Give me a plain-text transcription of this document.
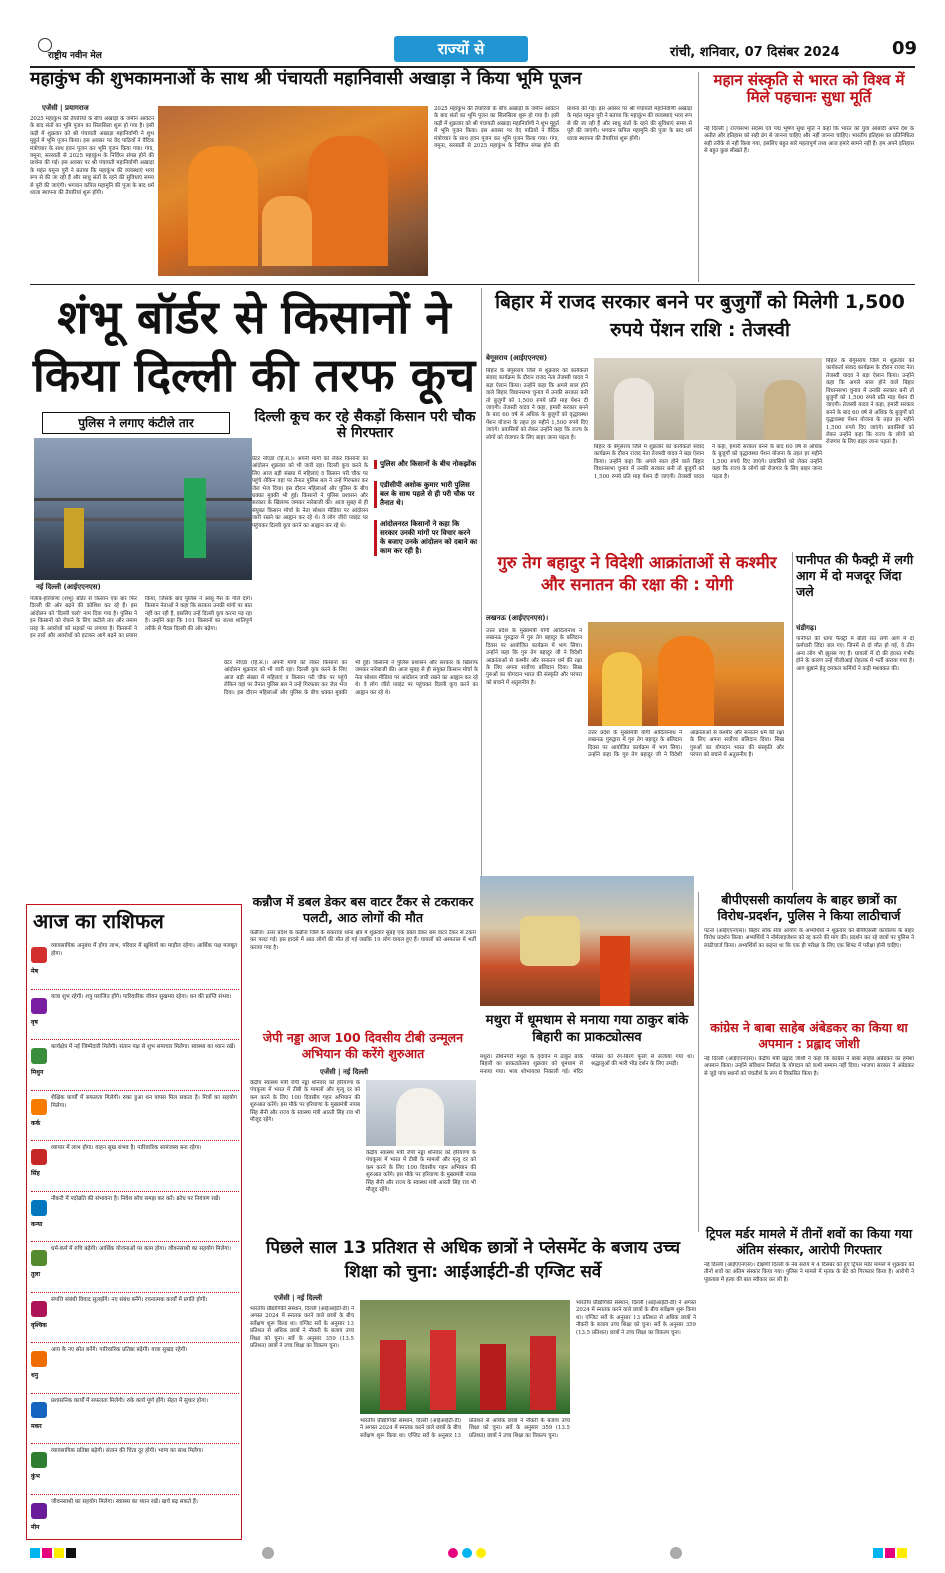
राष्ट्रीय नवीन मेल	राज्यों से	रांची, शनिवार, 07 दिसंबर 2024	09
महाकुंभ की शुभकामनाओं के साथ श्री पंचायती महानिवासी अखाड़ा ने किया भूमि पूजन
एजेंसी | प्रयागराज
2025 महाकुंभ की तैयारियों के बीच अखाड़ों के जमीन आवंटन के बाद संतों का भूमि पूजन का सिलसिला शुरू हो गया है। इसी कड़ी में शुक्रवार को श्री पंचायती अखाड़ा महानिर्वाणी ने शुभ मुहूर्त में भूमि पूजन किया। इस अवसर पर वेद पाठियों ने वैदिक मंत्रोच्चार के साथ हवन पूजन कर भूमि पूजन किया गया। गंगा, यमुना, सरस्वती से 2025 महाकुंभ के निर्विघ्न संपन्न होने की प्रार्थना की गई। इस अवसर पर श्री पंचायती महानिर्वाणी अखाड़ा के महंत यमुना पुरी ने बताया कि महाकुंभ की व्यवस्थाएं भव्य रूप से की जा रही हैं और साधु संतों के रहने की सुविधाएं समय से पूरी की जाएंगी। भगवान कपिल महामुनि की पूजा के बाद धर्म ध्वजा स्थापना की तैयारियां शुरू होंगी।
2025 महाकुंभ की तैयारियों के बीच अखाड़ों के जमीन आवंटन के बाद संतों का भूमि पूजन का सिलसिला शुरू हो गया है। इसी कड़ी में शुक्रवार को श्री पंचायती अखाड़ा महानिर्वाणी ने शुभ मुहूर्त में भूमि पूजन किया। इस अवसर पर वेद पाठियों ने वैदिक मंत्रोच्चार के साथ हवन पूजन कर भूमि पूजन किया गया। गंगा, यमुना, सरस्वती से 2025 महाकुंभ के निर्विघ्न संपन्न होने की प्रार्थना की गई। इस अवसर पर श्री पंचायती महानिर्वाणी अखाड़ा के महंत यमुना पुरी ने बताया कि महाकुंभ की व्यवस्थाएं भव्य रूप से की जा रही हैं और साधु संतों के रहने की सुविधाएं समय से पूरी की जाएंगी। भगवान कपिल महामुनि की पूजा के बाद धर्म ध्वजा स्थापना की तैयारियां शुरू होंगी।
महान संस्कृति से भारत को विश्व में मिले पहचानः सुधा मूर्ति
नई दिल्ली | राज्यसभा सदस्य एवं पद्म भूषण सुधा मूर्ति ने कहा कि भारत को युवा आबादी अपने देश के अतीत और इतिहास को सही ढंग से जानना चाहिए और नहीं जानना चाहिए। भारतीय इतिहास का प्रतिनिधित्व सही तरीके से नहीं किया गया, इसलिए बहुत सारे महत्वपूर्ण तथ्य आज हमारे सामने नहीं हैं। हम अपने इतिहास से बहुत कुछ सीखते हैं।
शंभू बॉर्डर से किसानों ने किया दिल्ली की तरफ कूच
पुलिस ने लगाए कंटीले तार
नई दिल्ली (आईएएनएस)
पंजाब-हरियाणा (शंभू) बॉर्डर से किसान एक बार फिर दिल्ली की ओर बढ़ने की कोशिश कर रहे हैं। इस आंदोलन को 'दिल्ली चलो' नाम दिया गया है। पुलिस ने इन किसानों को रोकने के लिए कटीले तार और तमाम तरह के अवरोधों को सड़कों पर लगाया है। किसानों ने इन तारों और अवरोधों को हटाकर आगे बढ़ने का प्रयास किया, जिसके बाद पुलिस ने आंसू गैस के गोले दागे। किसान नेताओं ने कहा कि सरकार उनकी मांगों पर बात नहीं कर रही है, इसलिए उन्हें दिल्ली कूच करना पड़ रहा है। उन्होंने कहा कि 101 किसानों का जत्था शांतिपूर्ण तरीके से पैदल दिल्ली की ओर बढ़ेगा।
दिल्ली कूच कर रहे सैकड़ों किसान परी चौक से गिरफ्तार
ग्रेटर नोएडा (हि.स.)। अपनी मांगों को लेकर किसानों का आंदोलन शुक्रवार को भी जारी रहा। दिल्ली कूच करने के लिए आज बड़ी संख्या में महिलाएं व किसान परी चौक पर पहुंचे लेकिन वहां पर तैनात पुलिस बल ने उन्हें गिरफ्तार कर जेल भेज दिया। इस दौरान महिलाओं और पुलिस के बीच धक्का मुक्की भी हुई। किसानों ने पुलिस प्रशासन और सरकार के खिलाफ जमकर नारेबाजी की। आज सुबह से ही संयुक्त किसान मोर्चा के नेता सोशल मीडिया पर आंदोलन जारी रखने का आह्वान कर रहे थे। वे लोग जीरो प्वाइंट पर पहुंचकर दिल्ली कूच करने का आह्वान कर रहे थे।
पुलिस और किसानों के बीच नोकझोंक
एडीसीपी अशोक कुमार भारी पुलिस बल के साथ पहले से ही परी चौक पर तैनात थे।
आंदोलनरत किसानों ने कहा कि सरकार उनकी मांगों पर विचार करने के बजाए उनके आंदोलन को दबाने का काम कर रही है।
ग्रेटर नोएडा (हि.स.)। अपनी मांगों को लेकर किसानों का आंदोलन शुक्रवार को भी जारी रहा। दिल्ली कूच करने के लिए आज बड़ी संख्या में महिलाएं व किसान परी चौक पर पहुंचे लेकिन वहां पर तैनात पुलिस बल ने उन्हें गिरफ्तार कर जेल भेज दिया। इस दौरान महिलाओं और पुलिस के बीच धक्का मुक्की भी हुई। किसानों ने पुलिस प्रशासन और सरकार के खिलाफ जमकर नारेबाजी की। आज सुबह से ही संयुक्त किसान मोर्चा के नेता सोशल मीडिया पर आंदोलन जारी रखने का आह्वान कर रहे थे। वे लोग जीरो प्वाइंट पर पहुंचकर दिल्ली कूच करने का आह्वान कर रहे थे।
बिहार में राजद सरकार बनने पर बुजुर्गों को मिलेगी 1,500 रुपये पेंशन राशि : तेजस्वी
बेगूसराय (आईएएनएस)
बिहार के बेगूसराय जिले में शुक्रवार को कार्यकर्ता संवाद कार्यक्रम के दौरान राजद नेता तेजस्वी यादव ने बड़ा ऐलान किया। उन्होंने कहा कि अगले साल होने वाले बिहार विधानसभा चुनाव में उनकी सरकार बनी तो बुजुर्गों को 1,500 रुपये प्रति माह पेंशन दी जाएगी। तेजस्वी यादव ने कहा, हमारी सरकार बनने के बाद 60 वर्ष से अधिक के बुजुर्गों को वृद्धावस्था पेंशन योजना के तहत हर महीने 1,500 रुपये दिए जाएंगे। प्रवासियों को लेकर उन्होंने कहा कि राज्य के लोगों को रोजगार के लिए बाहर जाना पड़ता है।
बिहार के बेगूसराय जिले में शुक्रवार को कार्यकर्ता संवाद कार्यक्रम के दौरान राजद नेता तेजस्वी यादव ने बड़ा ऐलान किया। उन्होंने कहा कि अगले साल होने वाले बिहार विधानसभा चुनाव में उनकी सरकार बनी तो बुजुर्गों को 1,500 रुपये प्रति माह पेंशन दी जाएगी। तेजस्वी यादव ने कहा, हमारी सरकार बनने के बाद 60 वर्ष से अधिक के बुजुर्गों को वृद्धावस्था पेंशन योजना के तहत हर महीने 1,500 रुपये दिए जाएंगे। प्रवासियों को लेकर उन्होंने कहा कि राज्य के लोगों को रोजगार के लिए बाहर जाना पड़ता है।
बिहार के बेगूसराय जिले में शुक्रवार को कार्यकर्ता संवाद कार्यक्रम के दौरान राजद नेता तेजस्वी यादव ने बड़ा ऐलान किया। उन्होंने कहा कि अगले साल होने वाले बिहार विधानसभा चुनाव में उनकी सरकार बनी तो बुजुर्गों को 1,500 रुपये प्रति माह पेंशन दी जाएगी। तेजस्वी यादव ने कहा, हमारी सरकार बनने के बाद 60 वर्ष से अधिक के बुजुर्गों को वृद्धावस्था पेंशन योजना के तहत हर महीने 1,500 रुपये दिए जाएंगे। प्रवासियों को लेकर उन्होंने कहा कि राज्य के लोगों को रोजगार के लिए बाहर जाना पड़ता है।
गुरु तेग बहादुर ने विदेशी आक्रांताओं से कश्मीर और सनातन की रक्षा की : योगी
लखनऊ (आईएएनएस)।
उत्तर प्रदेश के मुख्यमंत्री योगी आदित्यनाथ ने लखनऊ गुरुद्वारा में गुरु तेग बहादुर के बलिदान दिवस पर आयोजित कार्यक्रम में भाग लिया। उन्होंने कहा कि गुरु तेग बहादुर जी ने विदेशी आक्रांताओं से कश्मीर और सनातन धर्म की रक्षा के लिए अपना सर्वोच्च बलिदान दिया। सिख गुरुओं का योगदान भारत की संस्कृति और परंपरा को बचाने में अतुलनीय है।
उत्तर प्रदेश के मुख्यमंत्री योगी आदित्यनाथ ने लखनऊ गुरुद्वारा में गुरु तेग बहादुर के बलिदान दिवस पर आयोजित कार्यक्रम में भाग लिया। उन्होंने कहा कि गुरु तेग बहादुर जी ने विदेशी आक्रांताओं से कश्मीर और सनातन धर्म की रक्षा के लिए अपना सर्वोच्च बलिदान दिया। सिख गुरुओं का योगदान भारत की संस्कृति और परंपरा को बचाने में अतुलनीय है।
पानीपत की फैक्ट्री में लगी आग में दो मजदूर जिंदा जले
चंडीगढ़।
पानीपत की धागा फैक्ट्री में बीती रात लगी आग में दो कर्मचारी जिंदा जल गए। जिनमें से दो मौत हो गई, वे तीन अन्य लोग भी झुलस गए हैं। घायलों में दो की हालत गंभीर होने के कारण उन्हें पीजीआई रोहतक में भर्ती कराया गया है। आग बुझाने हेतु दमकल कर्मियों ने कड़ी मशक्कत की।
आज का राशिफल
व्यावसायिक अनुबंध में होगा लाभ, परिवार में खुशियों का माहौल रहेगा। आर्थिक पक्ष मजबूत होगा।
मेष
यात्रा शुभ रहेगी। शत्रु पराजित होंगे। पारिवारिक जीवन सुखमय रहेगा। धन की प्राप्ति संभव।
वृष
कार्यक्षेत्र में नई जिम्मेदारी मिलेगी। संतान पक्ष से शुभ समाचार मिलेगा। स्वास्थ्य का ध्यान रखें।
मिथुन
शैक्षिक कार्यों में सफलता मिलेगी। रुका हुआ धन वापस मिल सकता है। मित्रों का सहयोग मिलेगा।
कर्क
व्यापार में लाभ होगा। वाहन सुख संभव है। पारिवारिक सामंजस्य बना रहेगा।
सिंह
नौकरी में पदोन्नति की संभावना है। निवेश सोच समझ कर करें। क्रोध पर नियंत्रण रखें।
कन्या
धर्म-कर्म में रुचि बढ़ेगी। आर्थिक योजनाओं पर काम होगा। जीवनसाथी का सहयोग मिलेगा।
तुला
संपत्ति संबंधी विवाद सुलझेंगे। नए संबंध बनेंगे। रचनात्मक कार्यों में प्रगति होगी।
वृश्चिक
आय के नए स्रोत बनेंगे। पारिवारिक प्रतिष्ठा बढ़ेगी। यात्रा सुखद रहेगी।
धनु
प्रशासनिक कार्यों में सफलता मिलेगी। रुके कार्य पूर्ण होंगे। सेहत में सुधार होगा।
मकर
व्यावसायिक प्रतिष्ठा बढ़ेगी। संतान की चिंता दूर होगी। भाग्य का साथ मिलेगा।
कुंभ
जीवनसाथी का सहयोग मिलेगा। स्वास्थ्य का ध्यान रखें। खर्च बढ़ सकते हैं।
मीन
कन्नौज में डबल डेकर बस वाटर टैंकर से टकराकर पलटी, आठ लोगों की मौत
कन्नौज। उत्तर प्रदेश के कन्नौज जिले के सकरावा थाना क्षेत्र में शुक्रवार सुबह एक डबल डेकर बस वाटर टैंकर से टकरा कर पलट गई। इस हादसे में आठ लोगों की मौत हो गई जबकि 19 लोग घायल हुए हैं। घायलों को अस्पताल में भर्ती कराया गया है।
जेपी नड्डा आज 100 दिवसीय टीबी उन्मूलन अभियान की करेंगे शुरुआत
एजेंसी | नई दिल्ली
केंद्रीय स्वास्थ्य मंत्री जेपी नड्डा शनिवार को हरियाणा के पंचकूला में भारत में टीबी के मामलों और मृत्यु दर को कम करने के लिए 100 दिवसीय गहन अभियान की शुरुआत करेंगे। इस मौके पर हरियाणा के मुख्यमंत्री नायब सिंह सैनी और राज्य के स्वास्थ्य मंत्री आरती सिंह राव भी मौजूद रहेंगे।
केंद्रीय स्वास्थ्य मंत्री जेपी नड्डा शनिवार को हरियाणा के पंचकूला में भारत में टीबी के मामलों और मृत्यु दर को कम करने के लिए 100 दिवसीय गहन अभियान की शुरुआत करेंगे। इस मौके पर हरियाणा के मुख्यमंत्री नायब सिंह सैनी और राज्य के स्वास्थ्य मंत्री आरती सिंह राव भी मौजूद रहेंगे।
मथुरा में धूमधाम से मनाया गया ठाकुर बांके बिहारी का प्राकट्योत्सव
मथुरा। तीर्थनगरी मथुरा के वृंदावन में ठाकुर बांके बिहारी का प्राकट्योत्सव शुक्रवार को धूमधाम से मनाया गया। भव्य शोभायात्रा निकाली गई। मंदिर परिसर को रंग-बिरंगे फूलों से सजाया गया था। श्रद्धालुओं की भारी भीड़ दर्शन के लिए उमड़ी।
बीपीएससी कार्यालय के बाहर छात्रों का विरोध-प्रदर्शन, पुलिस ने किया लाठीचार्ज
पटना (आईएएनएस)। बिहार लोक सेवा आयोग के अभ्यर्थियों ने शुक्रवार को बीपीएससी कार्यालय के बाहर विरोध प्रदर्शन किया। अभ्यर्थियों ने नॉर्मलाइजेशन को रद्द करने की मांग की। प्रदर्शन कर रहे छात्रों पर पुलिस ने लाठीचार्ज किया। अभ्यर्थियों का कहना था कि एक ही परीक्षा के लिए एक शिफ्ट में परीक्षा होनी चाहिए।
कांग्रेस ने बाबा साहेब अंबेडकर का किया था अपमान : प्रह्लाद जोशी
नई दिल्ली (आईएएनएस)। केंद्रीय मंत्री प्रह्लाद जोशी ने कहा कि कांग्रेस ने बाबा साहेब अंबेडकर का हमेशा अपमान किया। उन्होंने संविधान निर्माता के योगदान को कभी सम्मान नहीं दिया। भाजपा सरकार ने अंबेडकर से जुड़े पांच स्थानों को पंचतीर्थ के रूप में विकसित किया है।
ट्रिपल मर्डर मामले में तीनों शवों का किया गया अंतिम संस्कार, आरोपी गिरफ्तार
नई दिल्ली (आईएएनएस)। दक्षिणी दिल्ली के नेब सराय में 4 दिसंबर को हुए ट्रिपल मर्डर मामले में शुक्रवार को तीनों शवों का अंतिम संस्कार किया गया। पुलिस ने मामले में मृतक के बेटे को गिरफ्तार किया है। आरोपी ने पूछताछ में हत्या की बात स्वीकार कर ली है।
पिछले साल 13 प्रतिशत से अधिक छात्रों ने प्लेसमेंट के बजाय उच्च शिक्षा को चुना: आईआईटी-डी एग्जिट सर्वे
एजेंसी | नई दिल्ली
भारतीय प्रौद्योगिकी संस्थान, दिल्ली (आईआईटी-डी) ने अगस्त 2024 में स्नातक करने वाले छात्रों के बीच सर्वेक्षण शुरू किया था। एग्जिट सर्वे के अनुसार 13 प्रतिशत से अधिक छात्रों ने नौकरी के बजाय उच्च शिक्षा को चुना। सर्वे के अनुसार 359 (13.5 प्रतिशत) छात्रों ने उच्च शिक्षा का विकल्प चुना।
भारतीय प्रौद्योगिकी संस्थान, दिल्ली (आईआईटी-डी) ने अगस्त 2024 में स्नातक करने वाले छात्रों के बीच सर्वेक्षण शुरू किया था। एग्जिट सर्वे के अनुसार 13 प्रतिशत से अधिक छात्रों ने नौकरी के बजाय उच्च शिक्षा को चुना। सर्वे के अनुसार 359 (13.5 प्रतिशत) छात्रों ने उच्च शिक्षा का विकल्प चुना।
भारतीय प्रौद्योगिकी संस्थान, दिल्ली (आईआईटी-डी) ने अगस्त 2024 में स्नातक करने वाले छात्रों के बीच सर्वेक्षण शुरू किया था। एग्जिट सर्वे के अनुसार 13 प्रतिशत से अधिक छात्रों ने नौकरी के बजाय उच्च शिक्षा को चुना। सर्वे के अनुसार 359 (13.5 प्रतिशत) छात्रों ने उच्च शिक्षा का विकल्प चुना।
